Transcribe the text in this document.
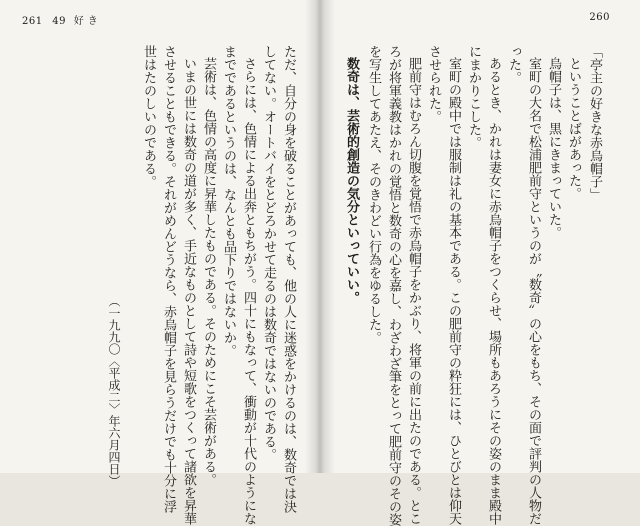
261 49 好き	260
「亭主の好きな赤烏帽子」
ということばがあった。
烏帽子は、黒にきまっていた。
室町の大名で松浦肥前守というのが〝数奇〟の心をもち、その面で評判の人物だ
った。
あるとき、かれは妻女に赤烏帽子をつくらせ、場所もあろうにその姿のまま殿中
にまかりこした。
室町の殿中では服制は礼の基本である。この肥前守の粋狂には、ひとびとは仰天
させられた。
肥前守はむろん切腹を覚悟で赤烏帽子をかぶり、将軍の前に出たのである。とこ
ろが将軍義教はかれの覚悟と数奇の心を嘉し、わざわざ筆をとって肥前守のその姿
を写生してあたえ、そのきわどい行為をゆるした。
数奇は、芸術的創造の気分といっていい。
ただ、自分の身を破ることがあっても、他の人に迷惑をかけるのは、数奇では決
してない。オートバイをとどろかせて走るのは数奇ではないのである。
さらには、色情による出奔ともちがう。四十にもなって、衝動が十代のようにな
までであるというのは、なんとも品下りではないか。
芸術は、色情の高度に昇華したものである。そのためにこそ芸術がある。
いまの世には数奇の道が多く、手近なものとして詩や短歌をつくって諸欲を昇華
させることもできる。それがめんどうなら、赤烏帽子を見らうだけでも十分に浮
世はたのしいのである。
（一九九〇〈平成二〉年六月四日）
